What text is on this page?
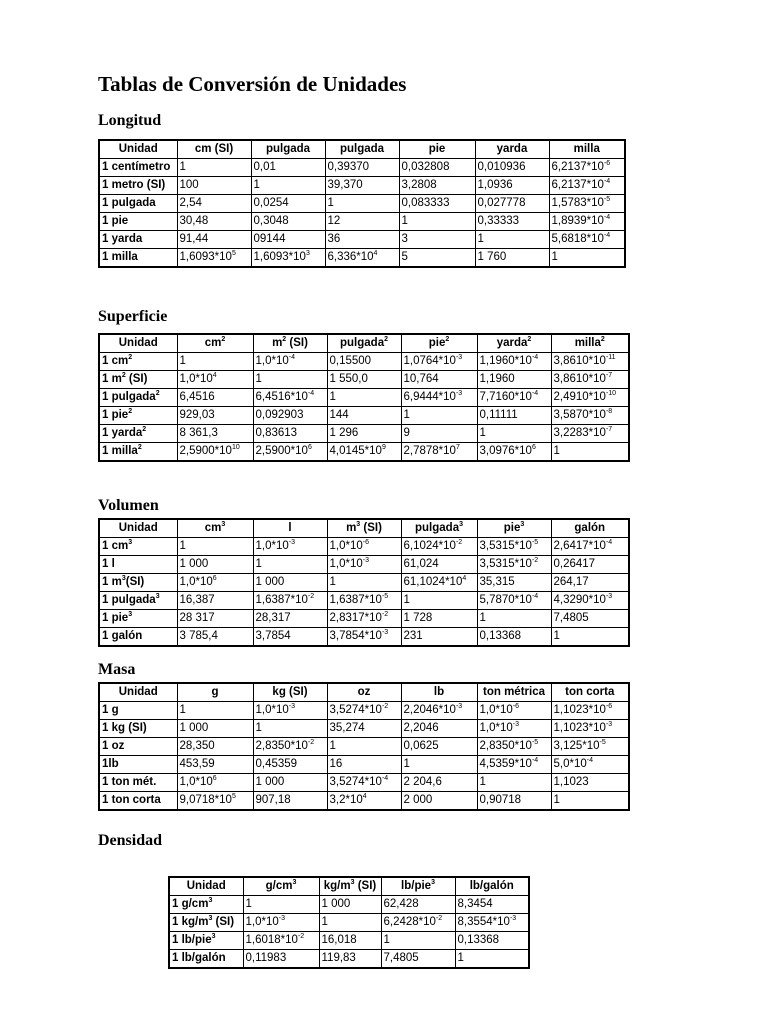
Tablas de Conversión de Unidades
Longitud
Unidad	cm (SI)	pulgada	pulgada	pie	yarda	milla
1 centímetro	1	0,01	0,39370	0,032808	0,010936	$6,2137*10^{-6}$
1 metro (SI)	100	1	39,370	3,2808	1,0936	$6,2137*10^{-4}$
1 pulgada	2,54	0,0254	1	0,083333	0,027778	$1,5783*10^{-5}$
1 pie	30,48	0,3048	12	1	0,33333	$1,8939*10^{-4}$
1 yarda	91,44	09144	36	3	1	$5,6818*10^{-4}$
1 milla	$1,6093*10^5$	$1,6093*10^3$	$6,336*10^4$	5	1 760	1
Superficie
Unidad	$cm^2$	$m^2$ (SI)	pulgada$^2$	pie$^2$	yarda$^2$	milla$^2$
1 $cm^2$	1	$1,0*10^{-4}$	0,15500	$1,0764*10^{-3}$	$1,1960*10^{-4}$	$3,8610*10^{-11}$
1 $m^2$ (SI)	$1,0*10^4$	1	1 550,0	10,764	1,1960	$3,8610*10^{-7}$
1 pulgada$^2$	6,4516	$6,4516*10^{-4}$	1	$6,9444*10^{-3}$	$7,7160*10^{-4}$	$2,4910*10^{-10}$
1 pie$^2$	929,03	0,092903	144	1	0,11111	$3,5870*10^{-8}$
1 yarda$^2$	8 361,3	0,83613	1 296	9	1	$3,2283*10^{-7}$
1 milla$^2$	$2,5900*10^{10}$	$2,5900*10^6$	$4,0145*10^9$	$2,7878*10^7$	$3,0976*10^6$	1
Volumen
Unidad	$cm^3$	l	$m^3$ (SI)	pulgada$^3$	pie$^3$	galón
1 $cm^3$	1	$1,0*10^{-3}$	$1,0*10^{-6}$	$6,1024*10^{-2}$	$3,5315*10^{-5}$	$2,6417*10^{-4}$
1 l	1 000	1	$1,0*10^{-3}$	61,024	$3,5315*10^{-2}$	0,26417
1 $m^3(SI)$	$1,0*10^6$	1 000	1	$61,1024*10^4$	35,315	264,17
1 pulgada$^3$	16,387	$1,6387*10^{-2}$	$1,6387*10^{-5}$	1	$5,7870*10^{-4}$	$4,3290*10^{-3}$
1 pie$^3$	28 317	28,317	$2,8317*10^{-2}$	1 728	1	7,4805
1 galón	3 785,4	3,7854	$3,7854*10^{-3}$	231	0,13368	1
Masa
Unidad	g	kg (SI)	oz	lb	ton métrica	ton corta
1 g	1	$1,0*10^{-3}$	$3,5274*10^{-2}$	$2,2046*10^{-3}$	$1,0*10^{-6}$	$1,1023*10^{-6}$
1 kg (SI)	1 000	1	35,274	2,2046	$1,0*10^{-3}$	$1,1023*10^{-3}$
1 oz	28,350	$2,8350*10^{-2}$	1	0,0625	$2,8350*10^{-5}$	$3,125*10^{-5}$
1lb	453,59	0,45359	16	1	$4,5359*10^{-4}$	$5,0*10^{-4}$
1 ton mét.	$1,0*10^6$	1 000	$3,5274*10^{-4}$	2 204,6	1	1,1023
1 ton corta	$9,0718*10^5$	907,18	$3,2*10^4$	2 000	0,90718	1
Densidad
Unidad	$g/cm^3$	$kg/m^3$ (SI)	lb/pie$^3$	lb/galón
1 $g/cm^3$	1	1 000	62,428	8,3454
1 $kg/m^3$ (SI)	$1,0*10^{-3}$	1	$6,2428*10^{-2}$	$8,3554*10^{-3}$
1 lb/pie$^3$	$1,6018*10^{-2}$	16,018	1	0,13368
1 lb/galón	0,11983	119,83	7,4805	1
